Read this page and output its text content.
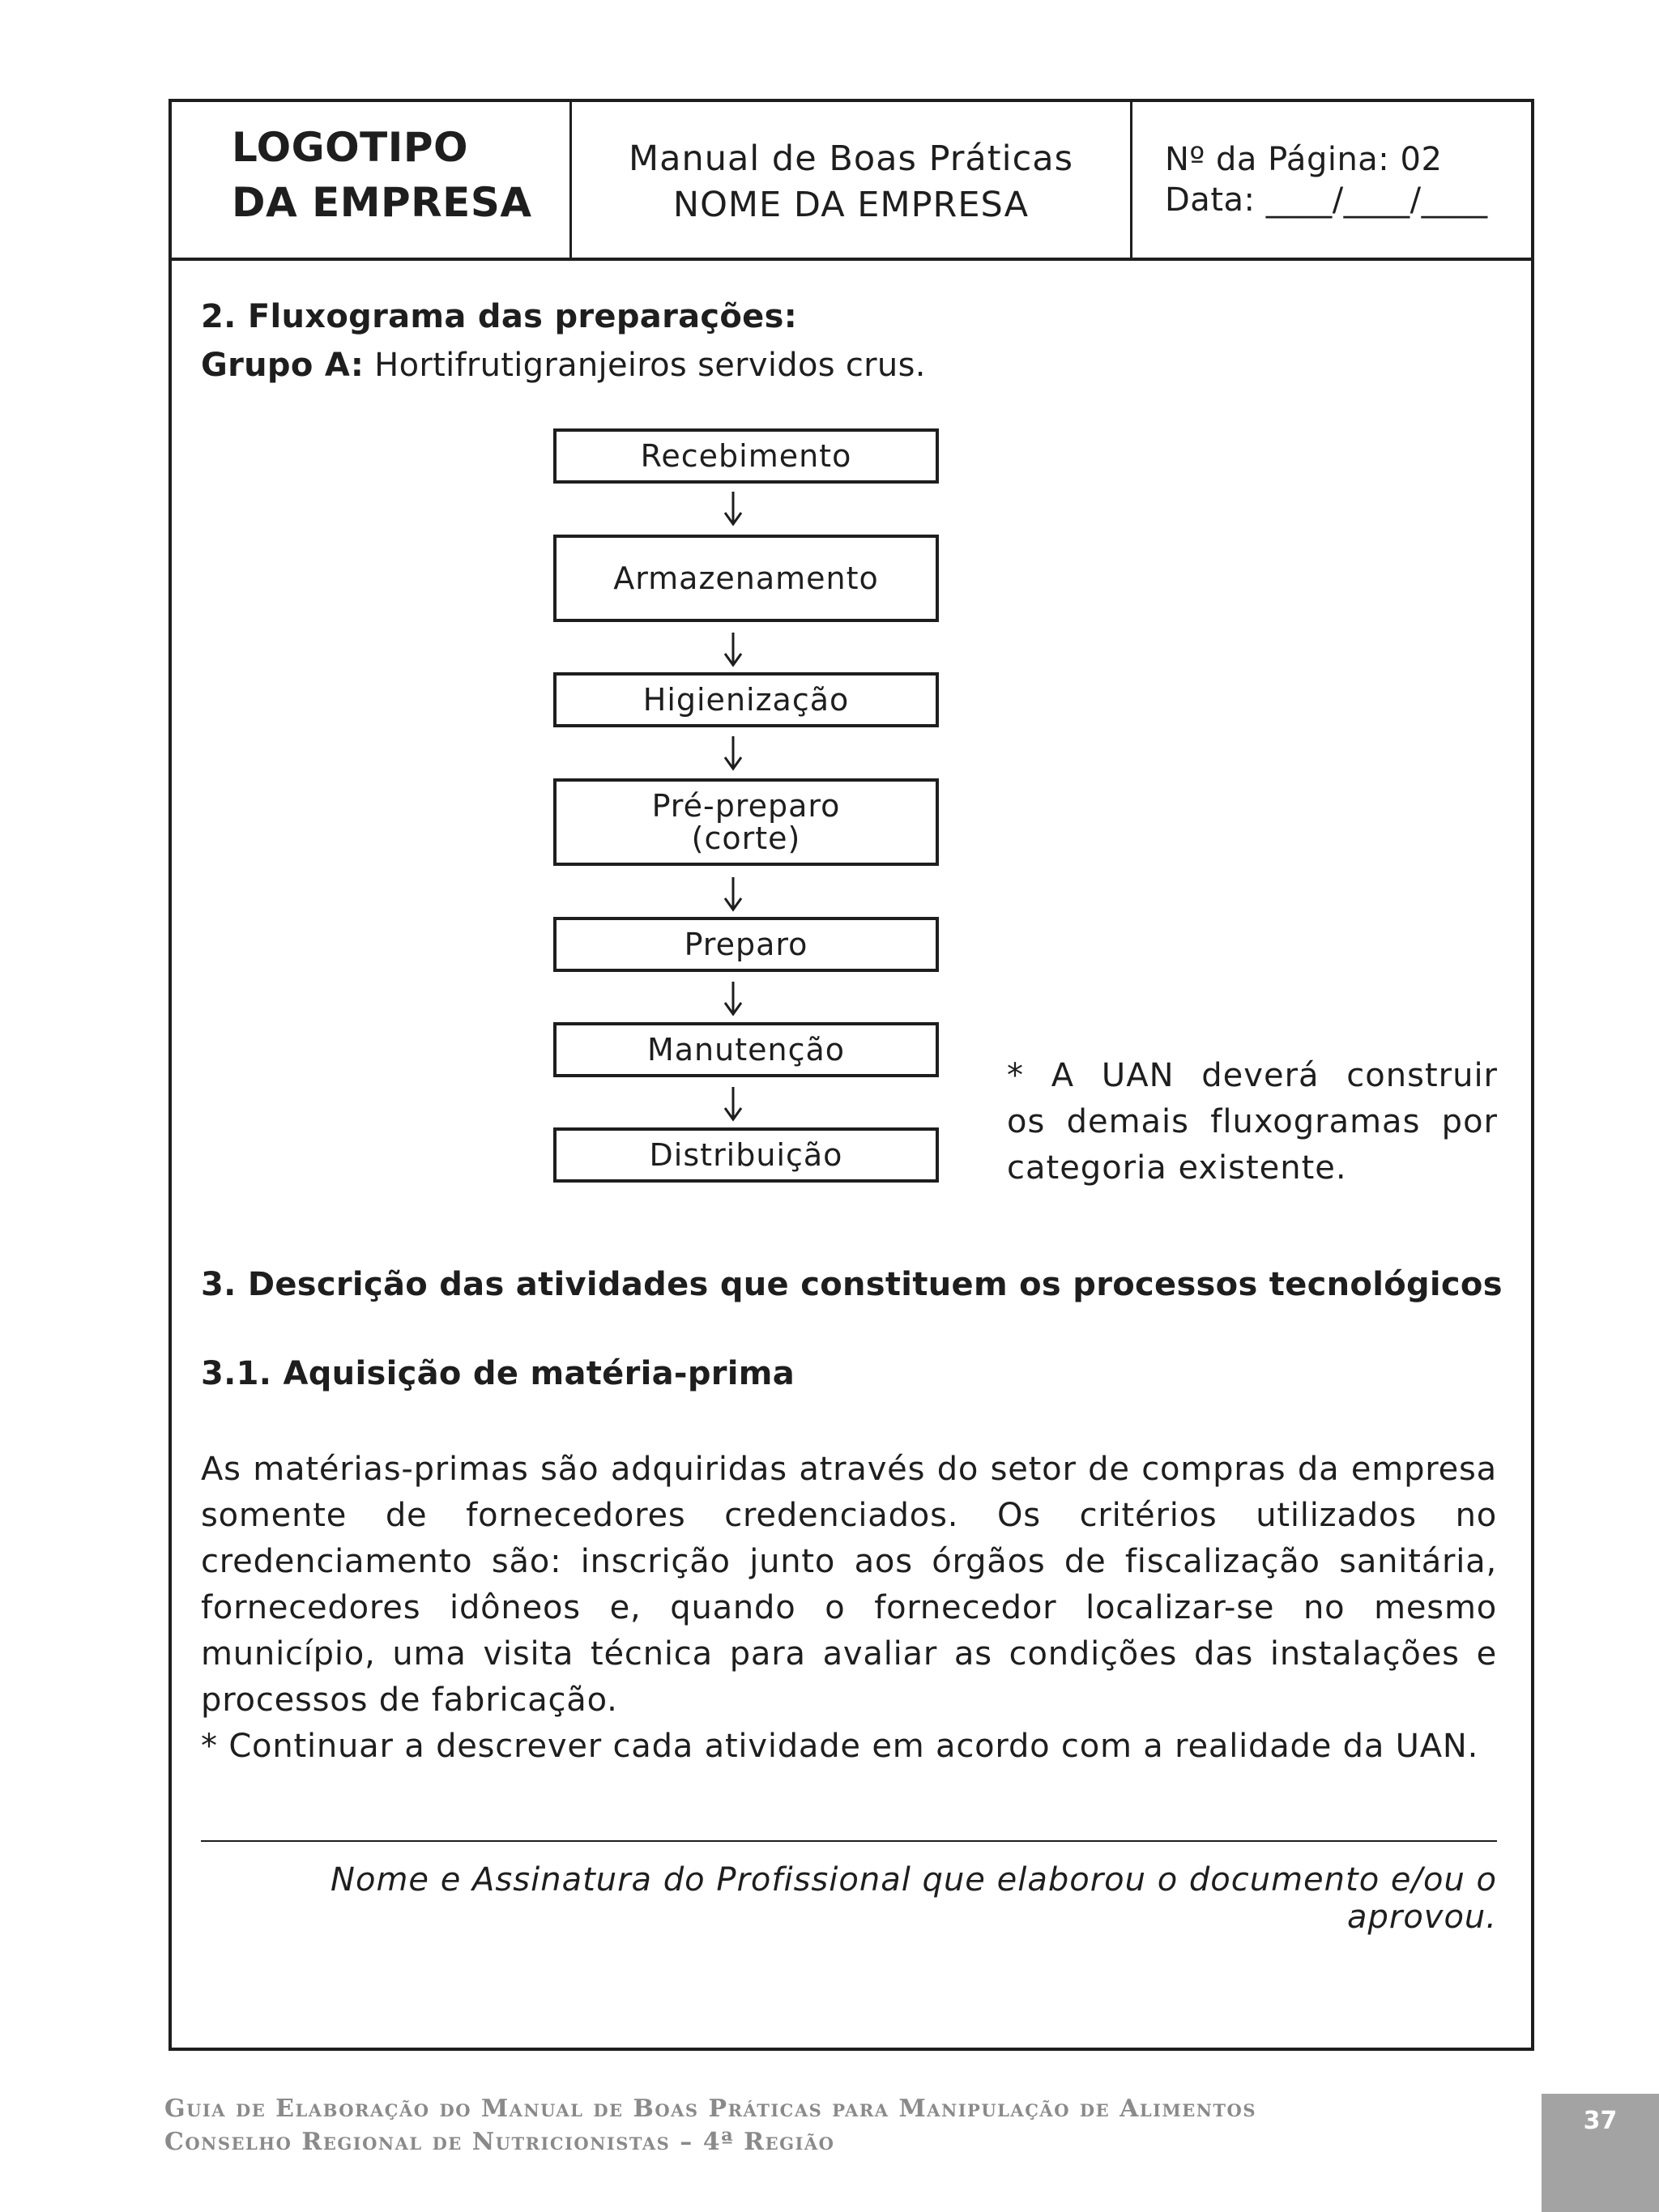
LOGOTIPO
DA EMPRESA
Manual de Boas Práticas
NOME DA EMPRESA
Nº da Página: 02
Data: ____/____/____
2. Fluxograma das preparações:
Grupo A: Hortifrutigranjeiros servidos crus.
Recebimento
Armazenamento
Higienização
Pré-preparo
(corte)
Preparo
Manutenção
Distribuição
* A UAN deverá construir
os demais fluxogramas por
categoria existente.
3. Descrição das atividades que constituem os processos tecnológicos
3.1. Aquisição de matéria-prima
As matérias-primas são adquiridas através do setor de compras da empresa somente de fornecedores credenciados. Os critérios utilizados no credenciamento são: inscrição junto aos órgãos de fiscalização sanitária, fornecedores idôneos e, quando o fornecedor localizar-se no mesmo município, uma visita técnica para avaliar as condições das instalações e processos de fabricação.
* Continuar a descrever cada atividade em acordo com a realidade da UAN.
Nome e Assinatura do Profissional que elaborou o documento e/ou o aprovou.
Guia de Elaboração do Manual de Boas Práticas para Manipulação de Alimentos
Conselho Regional de Nutricionistas – 4ª Região
37
